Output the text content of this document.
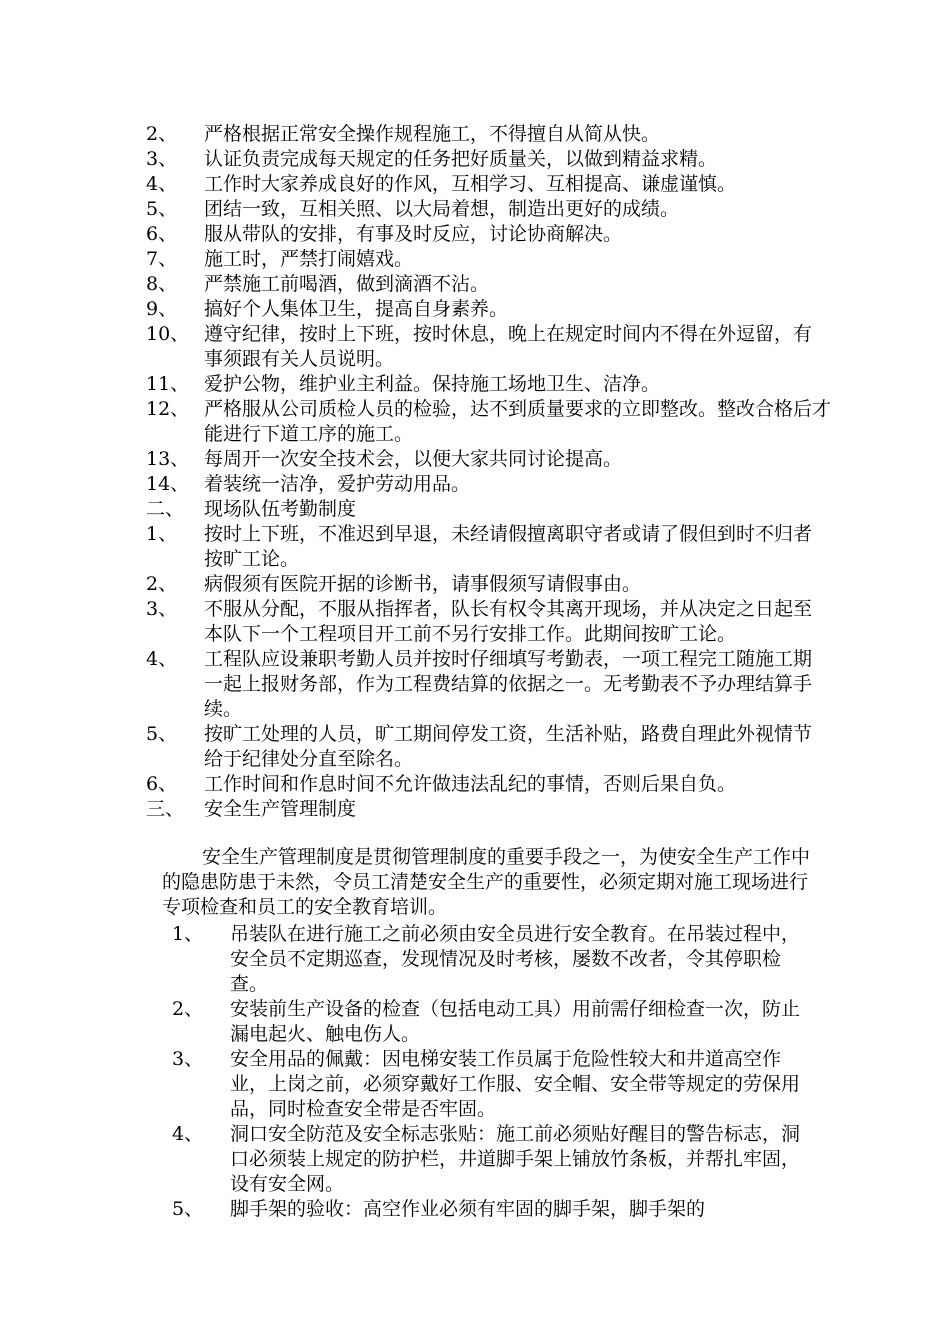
2、	严格根据正常安全操作规程施工，不得擅自从简从快。
3、	认证负责完成每天规定的任务把好质量关，以做到精益求精。
4、	工作时大家养成良好的作风，互相学习、互相提高、谦虚谨慎。
5、	团结一致，互相关照、以大局着想，制造出更好的成绩。
6、	服从带队的安排，有事及时反应，讨论协商解决。
7、	施工时，严禁打闹嬉戏。
8、	严禁施工前喝酒，做到滴酒不沾。
9、	搞好个人集体卫生，提高自身素养。
10、 遵守纪律，按时上下班，按时休息，晚上在规定时间内不得在外逗留，有事须跟有关人员说明。
11、 爱护公物，维护业主利益。保持施工场地卫生、洁净。
12、 严格服从公司质检人员的检验，达不到质量要求的立即整改。整改合格后才能进行下道工序的施工。
13、 每周开一次安全技术会，以便大家共同讨论提高。
14、 着装统一洁净，爱护劳动用品。
二、	现场队伍考勤制度
1、	按时上下班，不准迟到早退，未经请假擅离职守者或请了假但到时不归者按旷工论。
2、	病假须有医院开据的诊断书，请事假须写请假事由。
3、	不服从分配，不服从指挥者，队长有权令其离开现场，并从决定之日起至本队下一个工程项目开工前不另行安排工作。此期间按旷工论。
4、	工程队应设兼职考勤人员并按时仔细填写考勤表，一项工程完工随施工期一起上报财务部，作为工程费结算的依据之一。无考勤表不予办理结算手续。
5、	按旷工处理的人员，旷工期间停发工资，生活补贴，路费自理此外视情节给于纪律处分直至除名。
6、	工作时间和作息时间不允许做违法乱纪的事情，否则后果自负。
三、	安全生产管理制度
安全生产管理制度是贯彻管理制度的重要手段之一，为使安全生产工作中的隐患防患于未然，令员工清楚安全生产的重要性，必须定期对施工现场进行专项检查和员工的安全教育培训。
1、	吊装队在进行施工之前必须由安全员进行安全教育。在吊装过程中，安全员不定期巡查，发现情况及时考核，屡数不改者，令其停职检查。
2、	安装前生产设备的检查（包括电动工具）用前需仔细检查一次，防止漏电起火、触电伤人。
3、	安全用品的佩戴：因电梯安装工作员属于危险性较大和井道高空作业，上岗之前，必须穿戴好工作服、安全帽、安全带等规定的劳保用品，同时检查安全带是否牢固。
4、	洞口安全防范及安全标志张贴：施工前必须贴好醒目的警告标志，洞口必须装上规定的防护栏，井道脚手架上铺放竹条板，并帮扎牢固，设有安全网。
5、	脚手架的验收：高空作业必须有牢固的脚手架，脚手架的
